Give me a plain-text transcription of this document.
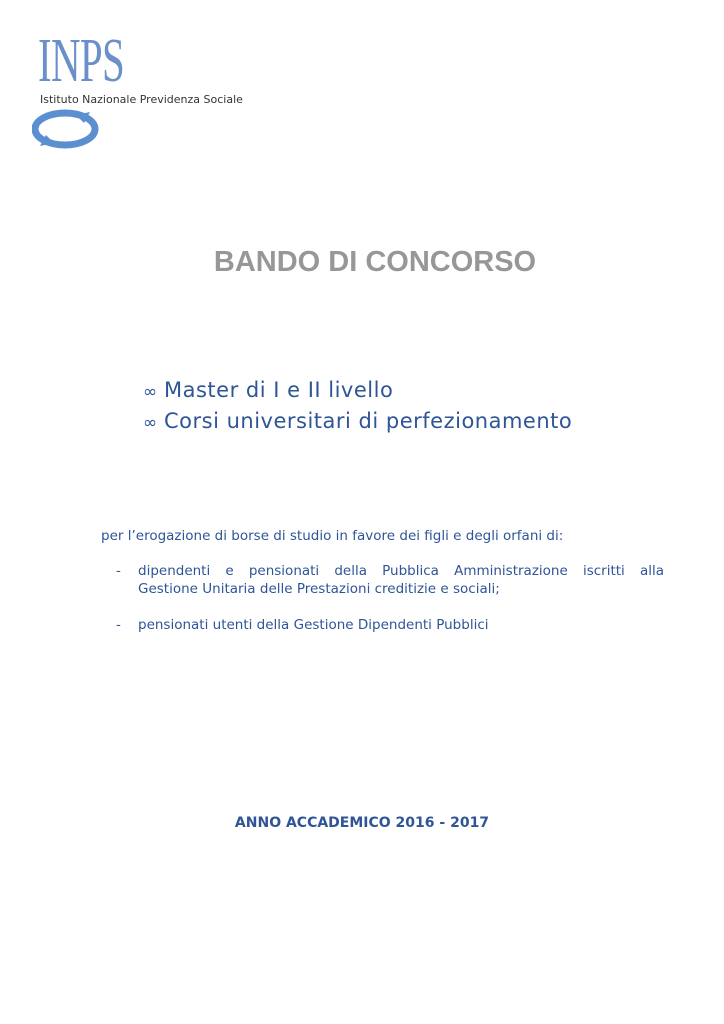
INPS
Istituto Nazionale Previdenza Sociale
BANDO DI CONCORSO
∞ Master di I e II livello
∞ Corsi universitari di perfezionamento
per l’erogazione di borse di studio in favore dei figli e degli orfani di:
-	dipendenti e pensionati della Pubblica Amministrazione iscritti alla
Gestione Unitaria delle Prestazioni creditizie e sociali;
-	pensionati utenti della Gestione Dipendenti Pubblici
ANNO ACCADEMICO 2016 - 2017
